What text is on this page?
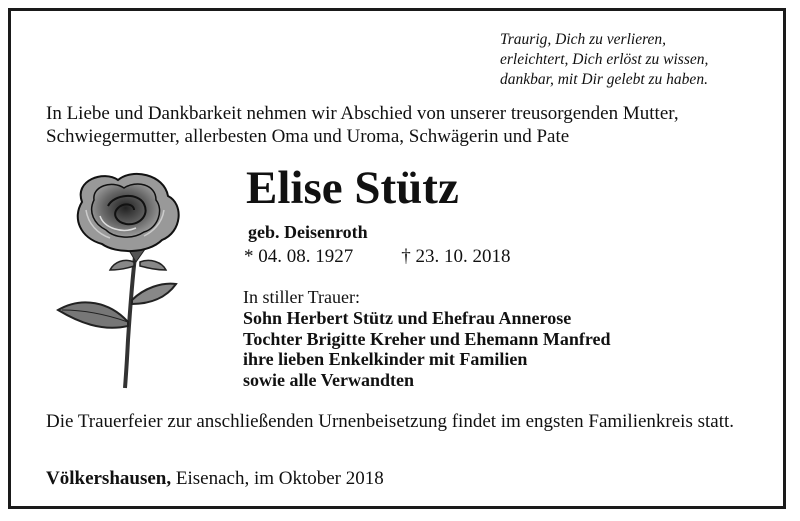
Traurig, Dich zu verlieren,
erleichtert, Dich erlöst zu wissen,
dankbar, mit Dir gelebt zu haben.
In Liebe und Dankbarkeit nehmen wir Abschied von unserer treusorgenden Mutter,
Schwiegermutter, allerbesten Oma und Uroma, Schwägerin und Pate
Elise Stütz
geb. Deisenroth
* 04. 08. 1927	† 23. 10. 2018
In stiller Trauer:
Sohn Herbert Stütz und Ehefrau Annerose
Tochter Brigitte Kreher und Ehemann Manfred
ihre lieben Enkelkinder mit Familien
sowie alle Verwandten
Die Trauerfeier zur anschließenden Urnenbeisetzung findet im engsten Familienkreis statt.
Völkershausen, Eisenach, im Oktober 2018
